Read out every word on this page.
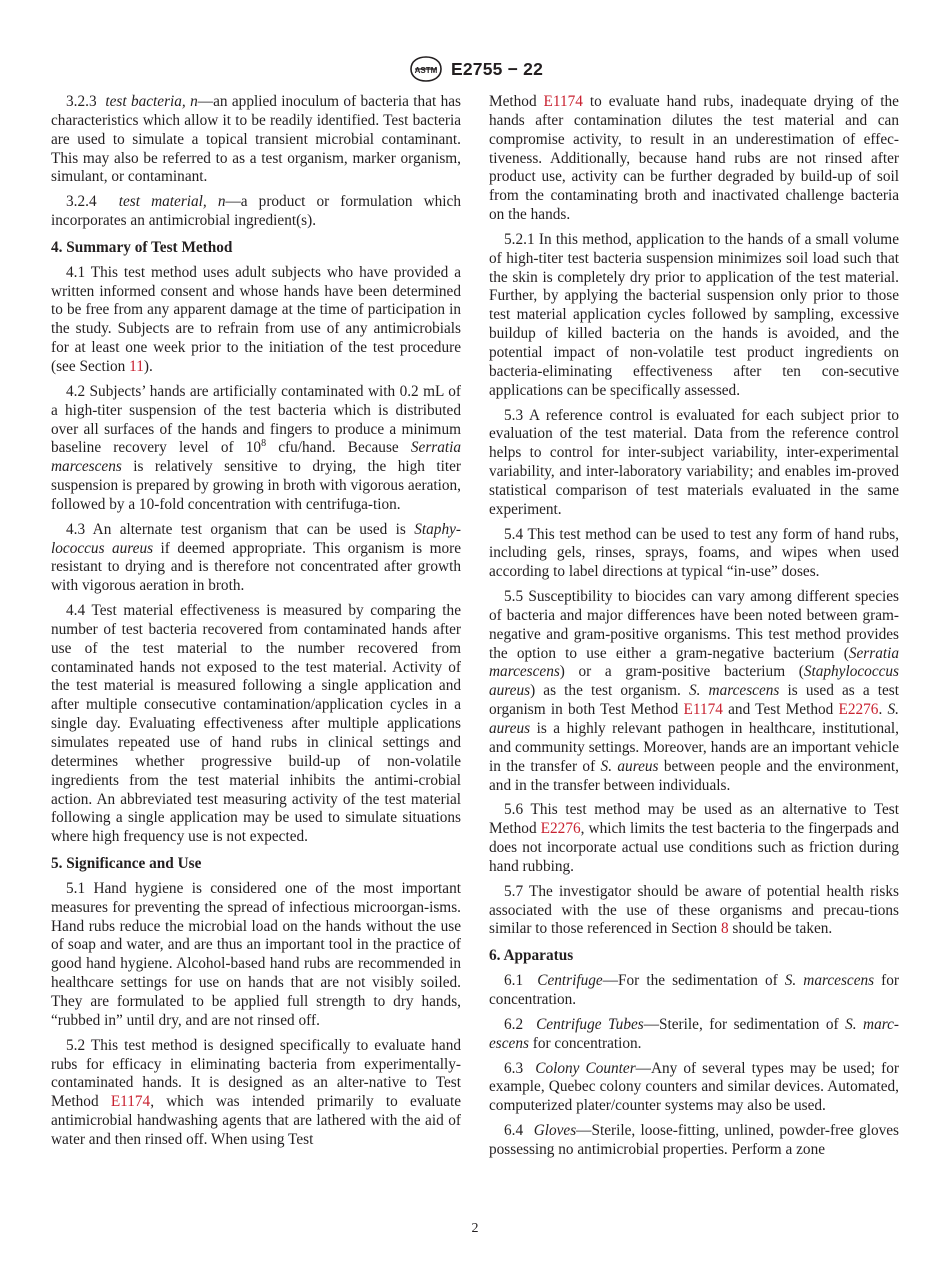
ASTM E2755 − 22

3.2.3 test bacteria, n—an applied inoculum of bacteria that has characteristics which allow it to be readily identified. Test bacteria are used to simulate a topical transient microbial contaminant. This may also be referred to as a test organism, marker organism, simulant, or contaminant.

3.2.4 test material, n—a product or formulation which incorporates an antimicrobial ingredient(s).

4. Summary of Test Method

4.1 This test method uses adult subjects who have provided a written informed consent and whose hands have been determined to be free from any apparent damage at the time of participation in the study. Subjects are to refrain from use of any antimicrobials for at least one week prior to the initiation of the test procedure (see Section 11).

4.2 Subjects’ hands are artificially contaminated with 0.2 mL of a high-titer suspension of the test bacteria which is distributed over all surfaces of the hands and fingers to produce a minimum baseline recovery level of $10^8$ cfu/hand. Because Serratia marcescens is relatively sensitive to drying, the high titer suspension is prepared by growing in broth with vigorous aeration, followed by a 10-fold concentration with centrifuga-tion.

4.3 An alternate test organism that can be used is Staphy-lococcus aureus if deemed appropriate. This organism is more resistant to drying and is therefore not concentrated after growth with vigorous aeration in broth.

4.4 Test material effectiveness is measured by comparing the number of test bacteria recovered from contaminated hands after use of the test material to the number recovered from contaminated hands not exposed to the test material. Activity of the test material is measured following a single application and after multiple consecutive contamination/application cycles in a single day. Evaluating effectiveness after multiple applications simulates repeated use of hand rubs in clinical settings and determines whether progressive build-up of non-volatile ingredients from the test material inhibits the antimi-crobial action. An abbreviated test measuring activity of the test material following a single application may be used to simulate situations where high frequency use is not expected.

5. Significance and Use

5.1 Hand hygiene is considered one of the most important measures for preventing the spread of infectious microorgan-isms. Hand rubs reduce the microbial load on the hands without the use of soap and water, and are thus an important tool in the practice of good hand hygiene. Alcohol-based hand rubs are recommended in healthcare settings for use on hands that are not visibly soiled. They are formulated to be applied full strength to dry hands, “rubbed in” until dry, and are not rinsed off.

5.2 This test method is designed specifically to evaluate hand rubs for efficacy in eliminating bacteria from experimentally-contaminated hands. It is designed as an alter-native to Test Method E1174, which was intended primarily to evaluate antimicrobial handwashing agents that are lathered with the aid of water and then rinsed off. When using Test

Method E1174 to evaluate hand rubs, inadequate drying of the hands after contamination dilutes the test material and can compromise activity, to result in an underestimation of effec-tiveness. Additionally, because hand rubs are not rinsed after product use, activity can be further degraded by build-up of soil from the contaminating broth and inactivated challenge bacteria on the hands.

5.2.1 In this method, application to the hands of a small volume of high-titer test bacteria suspension minimizes soil load such that the skin is completely dry prior to application of the test material. Further, by applying the bacterial suspension only prior to those test material application cycles followed by sampling, excessive buildup of killed bacteria on the hands is avoided, and the potential impact of non-volatile test product ingredients on bacteria-eliminating effectiveness after ten con-secutive applications can be specifically assessed.

5.3 A reference control is evaluated for each subject prior to evaluation of the test material. Data from the reference control helps to control for inter-subject variability, inter-experimental variability, and inter-laboratory variability; and enables im-proved statistical comparison of test materials evaluated in the same experiment.

5.4 This test method can be used to test any form of hand rubs, including gels, rinses, sprays, foams, and wipes when used according to label directions at typical “in-use” doses.

5.5 Susceptibility to biocides can vary among different species of bacteria and major differences have been noted between gram-negative and gram-positive organisms. This test method provides the option to use either a gram-negative bacterium (Serratia marcescens) or a gram-positive bacterium (Staphylococcus aureus) as the test organism. S. marcescens is used as a test organism in both Test Method E1174 and Test Method E2276. S. aureus is a highly relevant pathogen in healthcare, institutional, and community settings. Moreover, hands are an important vehicle in the transfer of S. aureus between people and the environment, and in the transfer between individuals.

5.6 This test method may be used as an alternative to Test Method E2276, which limits the test bacteria to the fingerpads and does not incorporate actual use conditions such as friction during hand rubbing.

5.7 The investigator should be aware of potential health risks associated with the use of these organisms and precau-tions similar to those referenced in Section 8 should be taken.

6. Apparatus

6.1 Centrifuge—For the sedimentation of S. marcescens for concentration.

6.2 Centrifuge Tubes—Sterile, for sedimentation of S. marc-escens for concentration.

6.3 Colony Counter—Any of several types may be used; for example, Quebec colony counters and similar devices. Automated, computerized plater/counter systems may also be used.

6.4 Gloves—Sterile, loose-fitting, unlined, powder-free gloves possessing no antimicrobial properties. Perform a zone

2
